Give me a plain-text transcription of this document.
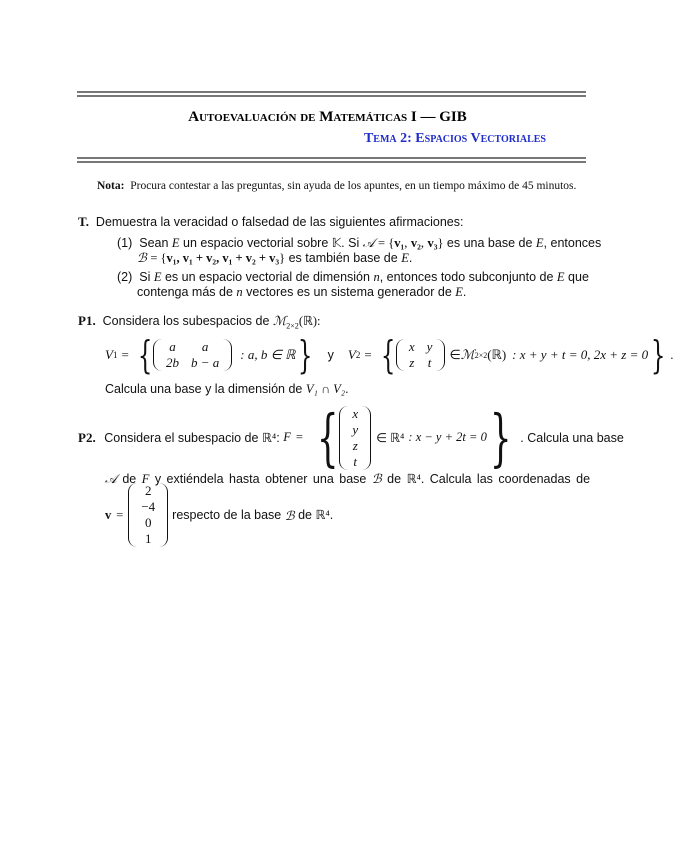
Autoevaluación de Matemáticas I — GIB
Tema 2: Espacios Vectoriales
Nota: Procura contestar a las preguntas, sin ayuda de los apuntes, en un tiempo máximo de 45 minutos.
T. Demuestra la veracidad o falsedad de las siguientes afirmaciones:
(1) Sean E un espacio vectorial sobre 𝕂. Si 𝒜 = {v₁, v₂, v₃} es una base de E, entonces
ℬ = {v₁, v₁ + v₂, v₁ + v₂ + v₃} es también base de E.
(2) Si E es un espacio vectorial de dimensión n, entonces todo subconjunto de E que
contenga más de n vectores es un sistema generador de E.
P1. Considera los subespacios de ℳ$_{2\times 2}$(ℝ):
V 1 = { a	a
2b	b − a
: a, b ∈ ℝ } y V 2 = { x	y
z	t
∈ ℳ 2×2 (ℝ) : x + y + t = 0, 2x + z = 0 } .
Calcula una base y la dimensión de V₁ ∩ V₂.
P2.
Considera el subespacio de
ℝ⁴ :
F = { x
y
z
t
∈ ℝ⁴ : x − y + 2t = 0 } . Calcula una base
𝒜 de F y extiéndela hasta obtener una base ℬ de ℝ⁴. Calcula las coordenadas de
v =
2
−4
0
1
respecto de la base
ℬ
de
ℝ⁴ .
